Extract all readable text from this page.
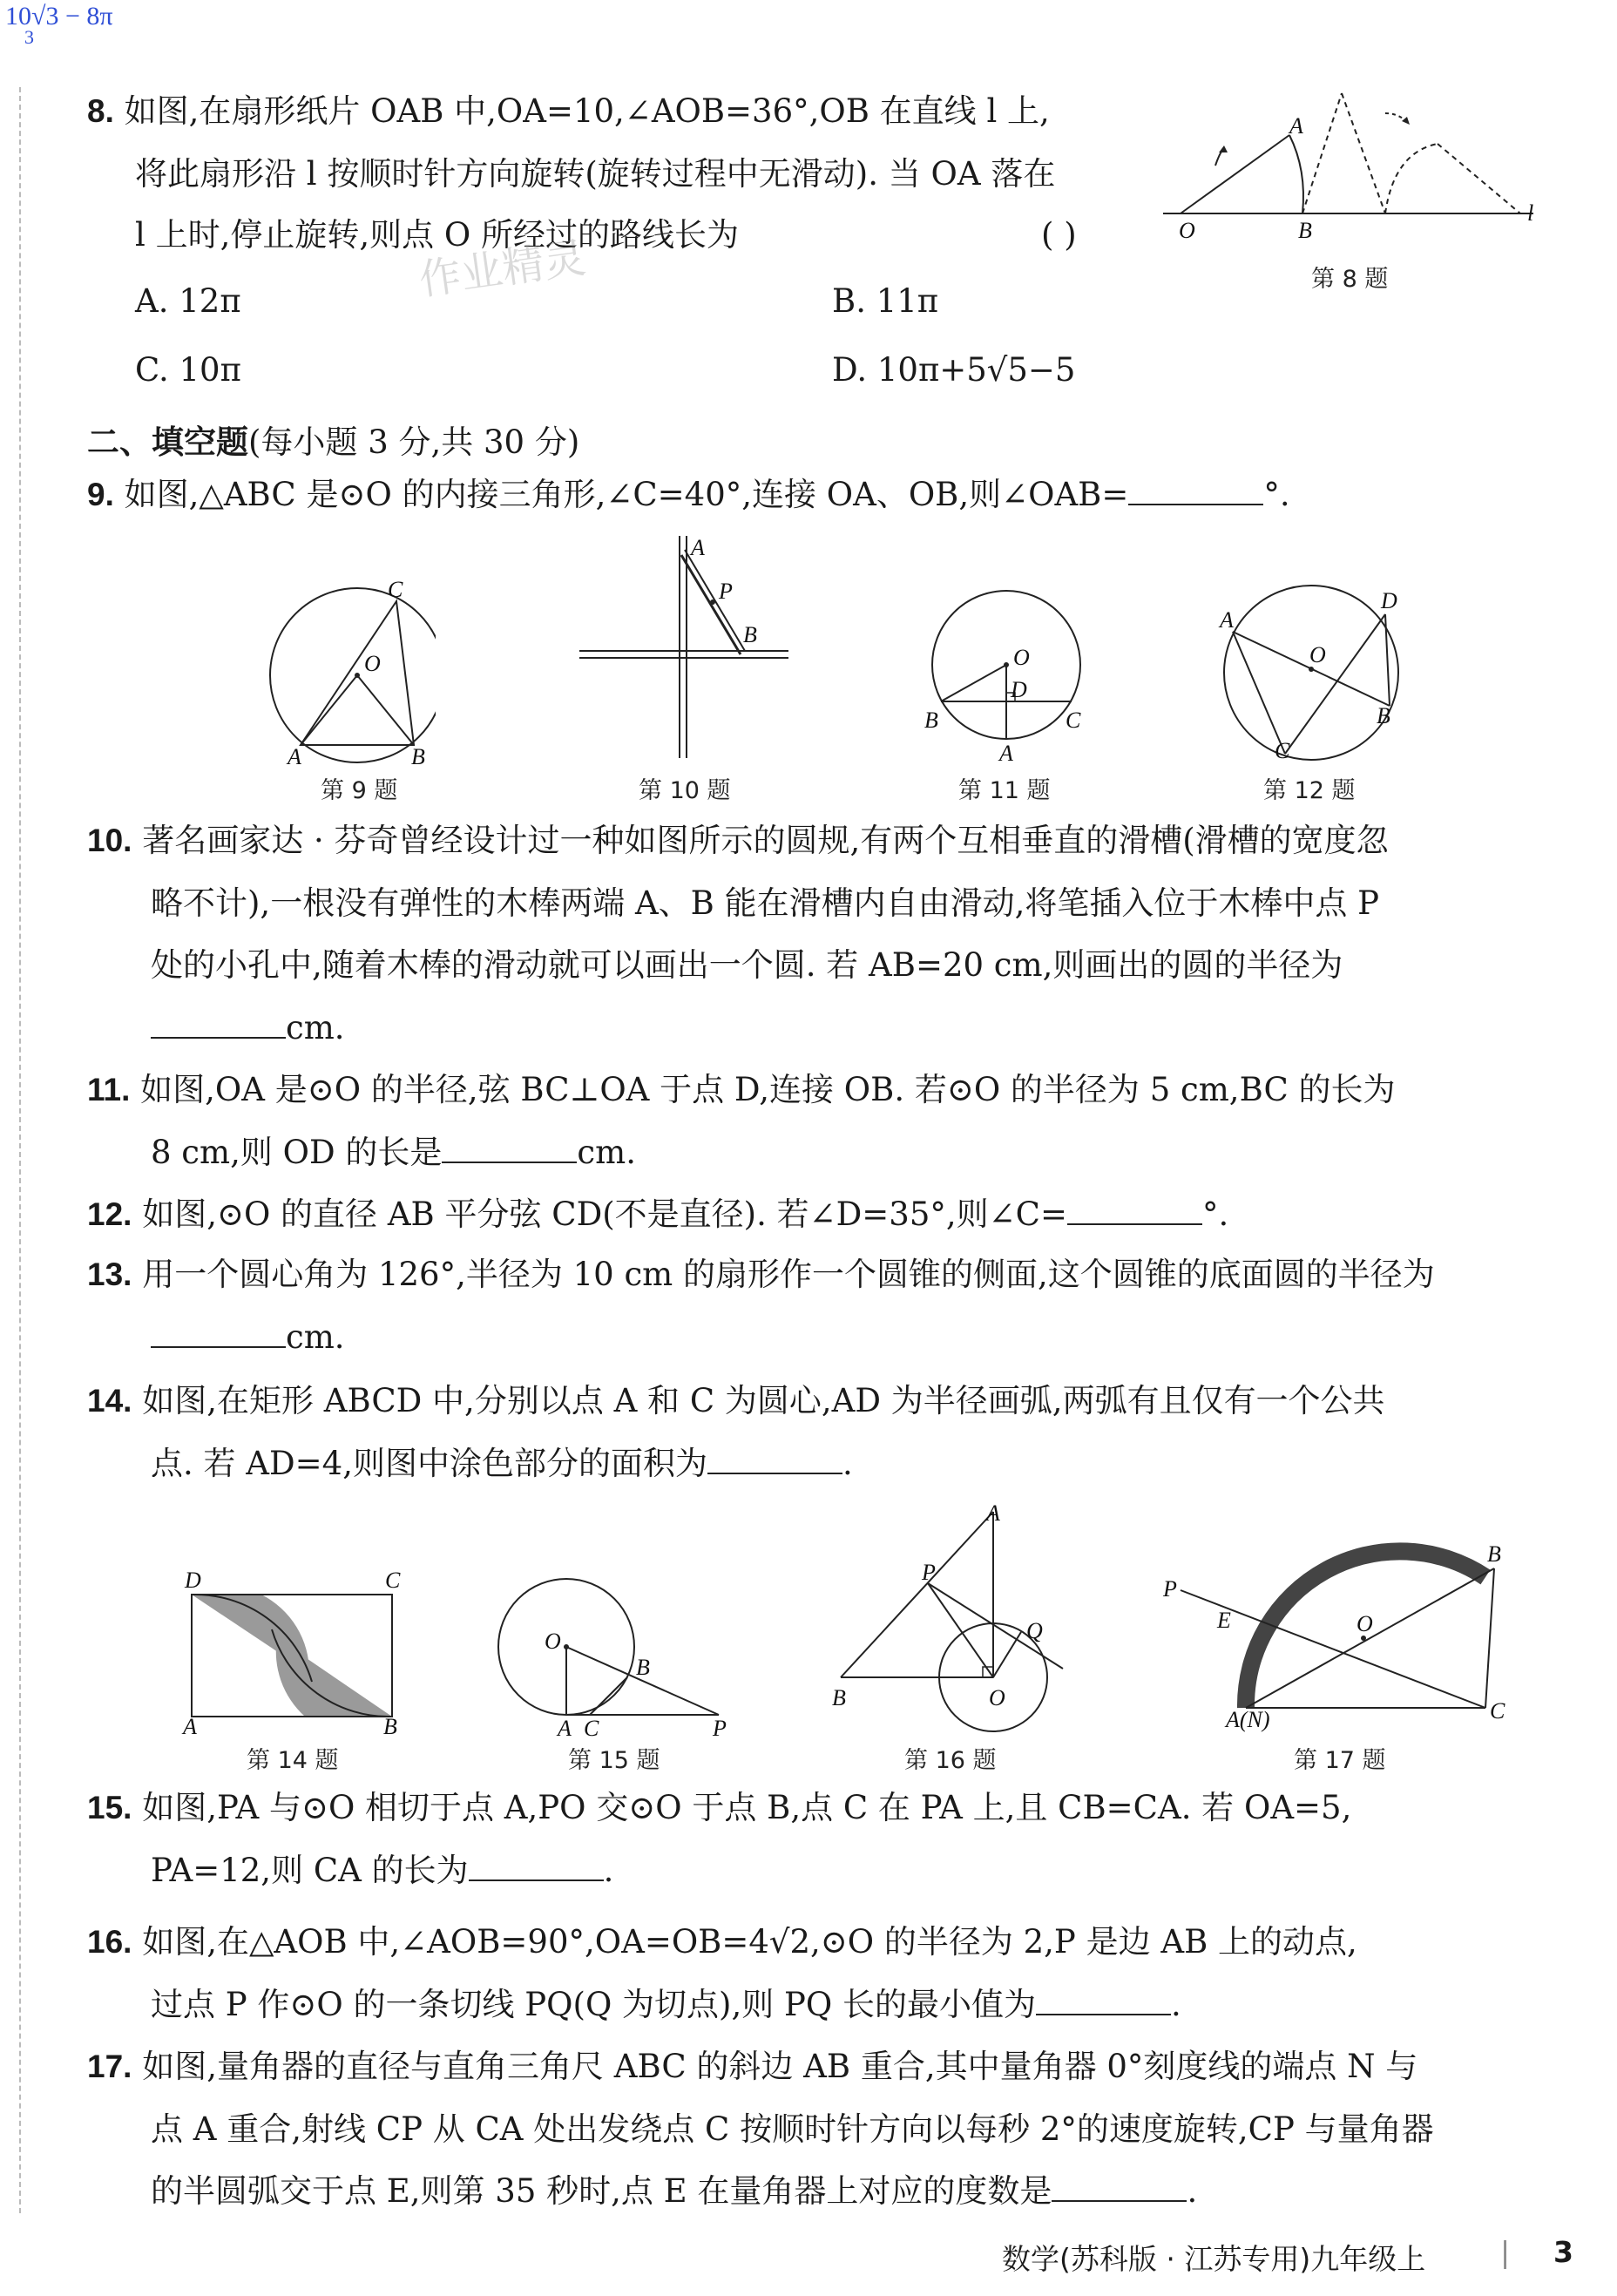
10√3 − 8π
3
8. 如图,在扇形纸片 OAB 中,OA=10,∠AOB=36°,OB 在直线 l 上,
将此扇形沿 l 按顺时针方向旋转(旋转过程中无滑动). 当 OA 落在
l 上时,停止旋转,则点 O 所经过的路线长为	( )
A. 12π	B. 11π
C. 10π	D. 10π+5√5−5
作业精灵
A
O	B
l
第 8 题
二、填空题(每小题 3 分,共 30 分)
9. 如图,△ABC 是⊙O 的内接三角形,∠C=40°,连接 OA、OB,则∠OAB=	°.
O
C
A	B
第 9 题
A
P
B
第 10 题
O
D
B	C
A
第 11 题
O
A
D
B
C
第 12 题
10. 著名画家达 · 芬奇曾经设计过一种如图所示的圆规,有两个互相垂直的滑槽(滑槽的宽度忽
略不计),一根没有弹性的木棒两端 A、B 能在滑槽内自由滑动,将笔插入位于木棒中点 P
处的小孔中,随着木棒的滑动就可以画出一个圆. 若 AB=20 cm,则画出的圆的半径为
cm.
11. 如图,OA 是⊙O 的半径,弦 BC⊥OA 于点 D,连接 OB. 若⊙O 的半径为 5 cm,BC 的长为
8 cm,则 OD 的长是	cm.
12. 如图,⊙O 的直径 AB 平分弦 CD(不是直径). 若∠D=35°,则∠C=	°.
13. 用一个圆心角为 126°,半径为 10 cm 的扇形作一个圆锥的侧面,这个圆锥的底面圆的半径为
cm.
14. 如图,在矩形 ABCD 中,分别以点 A 和 C 为圆心,AD 为半径画弧,两弧有且仅有一个公共
点. 若 AD=4,则图中涂色部分的面积为	.
D	C
A	B
第 14 题
O
B
A C	P
第 15 题
A
P
Q
B	O
第 16 题
P
E	O
B
C
A(N)
第 17 题
15. 如图,PA 与⊙O 相切于点 A,PO 交⊙O 于点 B,点 C 在 PA 上,且 CB=CA. 若 OA=5,
PA=12,则 CA 的长为	.
16. 如图,在△AOB 中,∠AOB=90°,OA=OB=4√2,⊙O 的半径为 2,P 是边 AB 上的动点,
过点 P 作⊙O 的一条切线 PQ(Q 为切点),则 PQ 长的最小值为	.
17. 如图,量角器的直径与直角三角尺 ABC 的斜边 AB 重合,其中量角器 0°刻度线的端点 N 与
点 A 重合,射线 CP 从 CA 处出发绕点 C 按顺时针方向以每秒 2°的速度旋转,CP 与量角器
的半圆弧交于点 E,则第 35 秒时,点 E 在量角器上对应的度数是	.
数学(苏科版 · 江苏专用)九年级上	| 3
